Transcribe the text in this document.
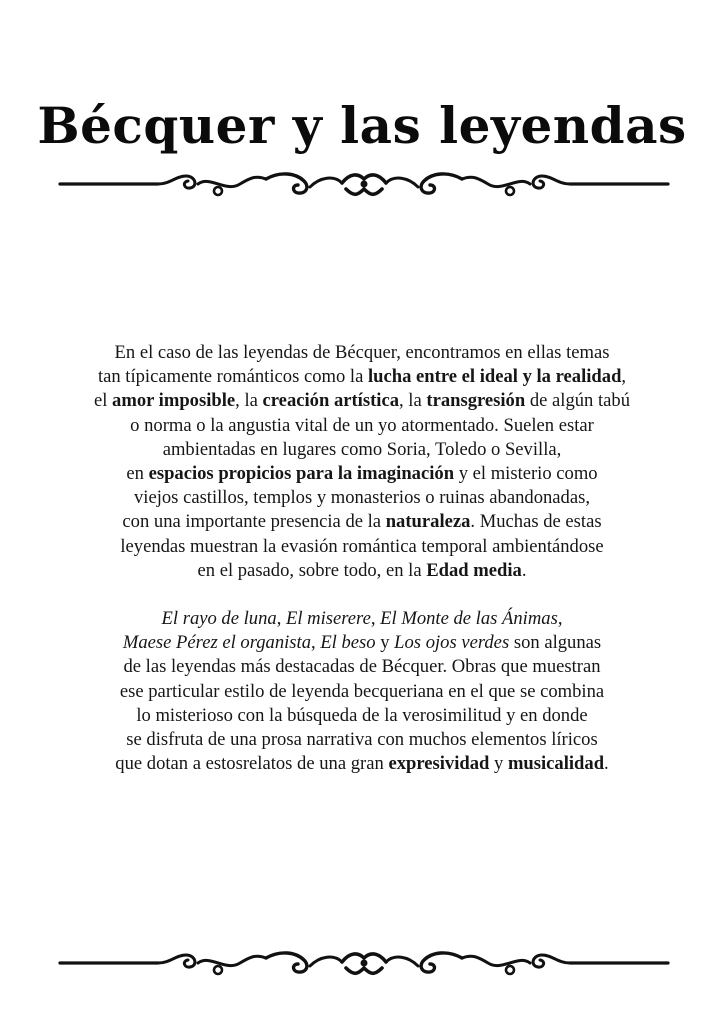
Bécquer y las leyendas

En el caso de las leyendas de Bécquer, encontramos en ellas temas
tan típicamente románticos como la lucha entre el ideal y la realidad,
el amor imposible, la creación artística, la transgresión de algún tabú
o norma o la angustia vital de un yo atormentado. Suelen estar
ambientadas en lugares como Soria, Toledo o Sevilla,
en espacios propicios para la imaginación y el misterio como
viejos castillos, templos y monasterios o ruinas abandonadas,
con una importante presencia de la naturaleza. Muchas de estas
leyendas muestran la evasión romántica temporal ambientándose
en el pasado, sobre todo, en la Edad media.

El rayo de luna, El miserere, El Monte de las Ánimas,
Maese Pérez el organista, El beso y Los ojos verdes son algunas
de las leyendas más destacadas de Bécquer. Obras que muestran
ese particular estilo de leyenda becqueriana en el que se combina
lo misterioso con la búsqueda de la verosimilitud y en donde
se disfruta de una prosa narrativa con muchos elementos líricos
que dotan a estosrelatos de una gran expresividad y musicalidad.
